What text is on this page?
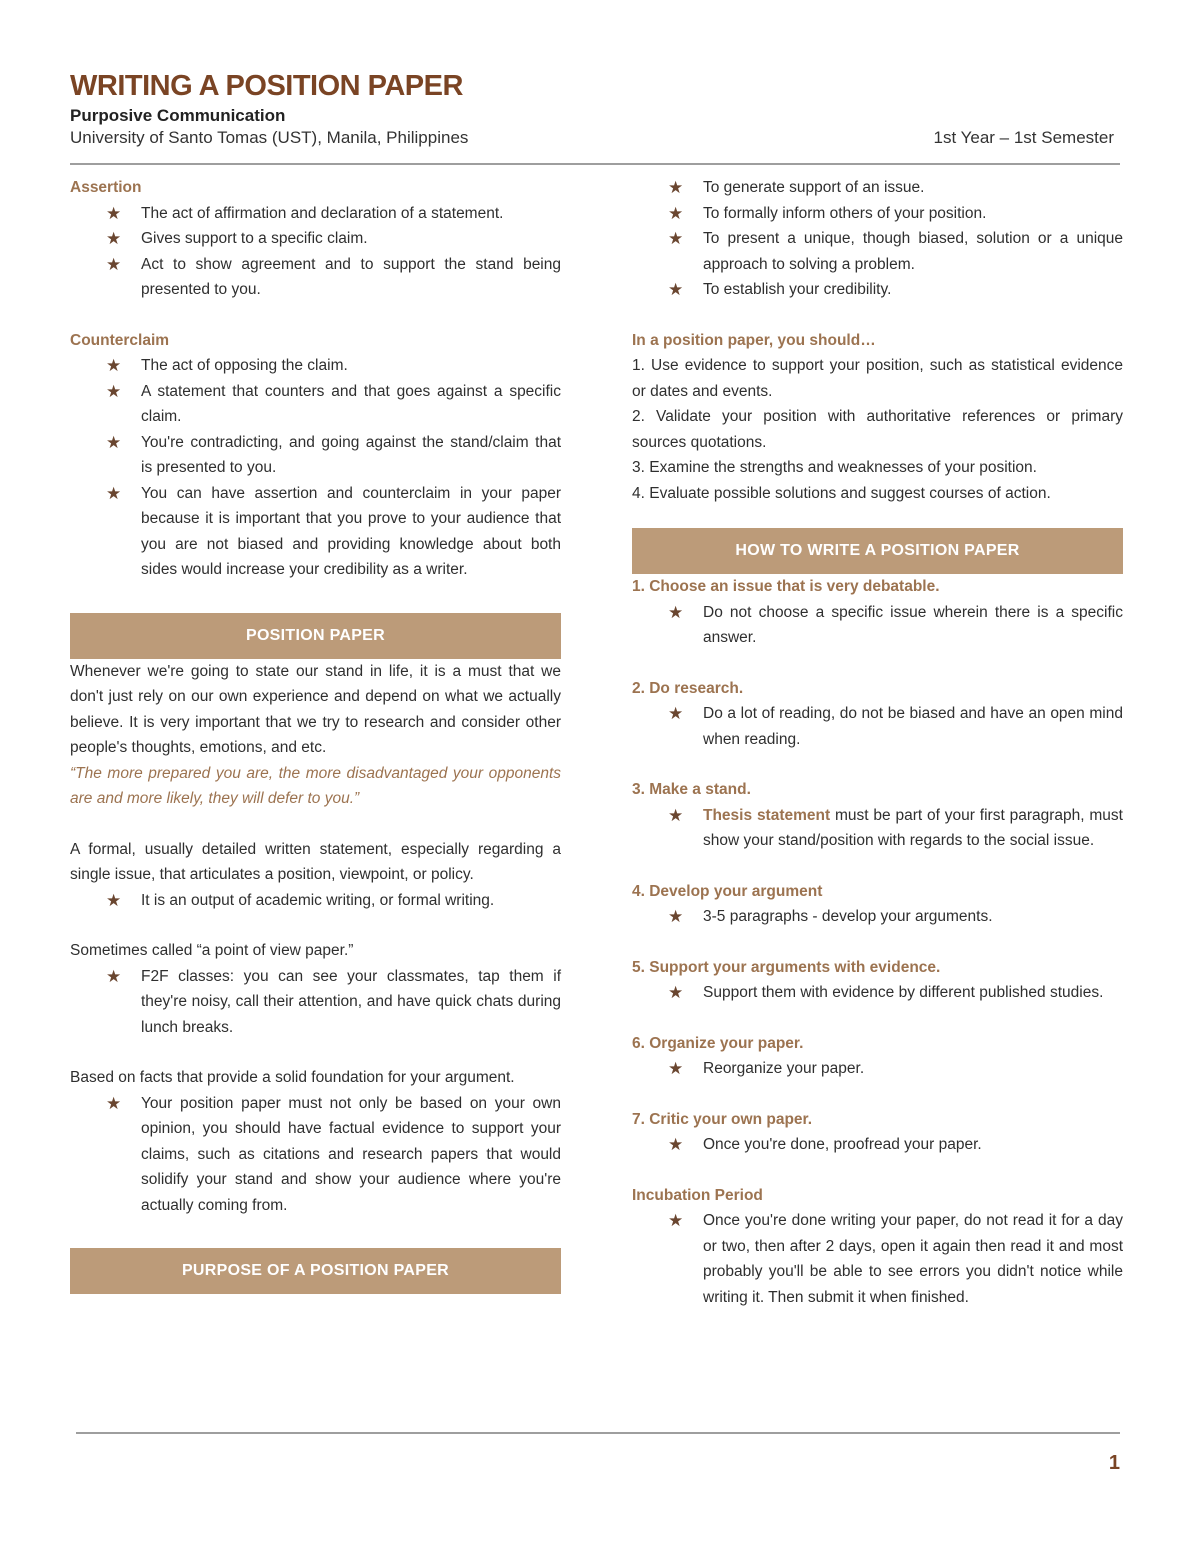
WRITING A POSITION PAPER
Purposive Communication
University of Santo Tomas (UST), Manila, Philippines	1st Year – 1st Semester
Assertion
★ The act of affirmation and declaration of a statement.
★ Gives support to a specific claim.
★ Act to show agreement and to support the stand being presented to you.
Counterclaim
★ The act of opposing the claim.
★ A statement that counters and that goes against a specific claim.
★ You're contradicting, and going against the stand/claim that is presented to you.
★ You can have assertion and counterclaim in your paper because it is important that you prove to your audience that you are not biased and providing knowledge about both sides would increase your credibility as a writer.
POSITION PAPER

Whenever we're going to state our stand in life, it is a must that we don't just rely on our own experience and depend on what we actually believe. It is very important that we try to research and consider other people's thoughts, emotions, and etc.

“The more prepared you are, the more disadvantaged your opponents are and more likely, they will defer to you.”

A formal, usually detailed written statement, especially regarding a single issue, that articulates a position, viewpoint, or policy.

★ It is an output of academic writing, or formal writing.

Sometimes called “a point of view paper.”

★ F2F classes: you can see your classmates, tap them if they're noisy, call their attention, and have quick chats during lunch breaks.

Based on facts that provide a solid foundation for your argument.

★ Your position paper must not only be based on your own opinion, you should have factual evidence to support your claims, such as citations and research papers that would solidify your stand and show your audience where you're actually coming from.
PURPOSE OF A POSITION PAPER
★ To generate support of an issue.
★ To formally inform others of your position.
★ To present a unique, though biased, solution or a unique approach to solving a problem.
★ To establish your credibility.
In a position paper, you should…

1. Use evidence to support your position, such as statistical evidence or dates and events.

2. Validate your position with authoritative references or primary sources quotations.

3. Examine the strengths and weaknesses of your position.

4. Evaluate possible solutions and suggest courses of action.

HOW TO WRITE A POSITION PAPER
1. Choose an issue that is very debatable.
★ Do not choose a specific issue wherein there is a specific answer.
2. Do research.
★ Do a lot of reading, do not be biased and have an open mind when reading.
3. Make a stand.
★ Thesis statement must be part of your first paragraph, must show your stand/position with regards to the social issue.
4. Develop your argument
★ 3-5 paragraphs - develop your arguments.
5. Support your arguments with evidence.
★ Support them with evidence by different published studies.
6. Organize your paper.
★ Reorganize your paper.
7. Critic your own paper.
★ Once you're done, proofread your paper.
Incubation Period
★ Once you're done writing your paper, do not read it for a day or two, then after 2 days, open it again then read it and most probably you'll be able to see errors you didn't notice while writing it. Then submit it when finished.
1
